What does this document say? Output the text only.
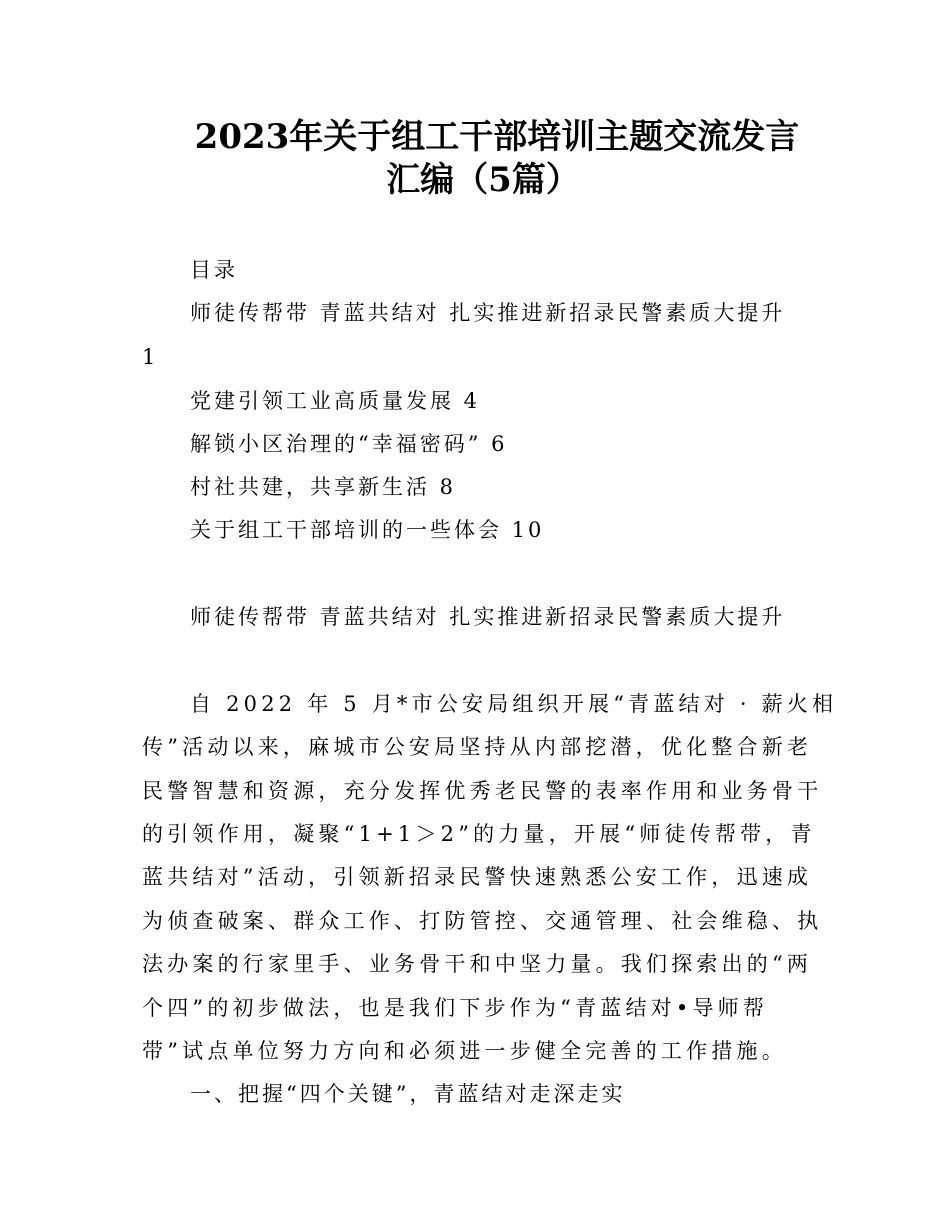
2023年关于组工干部培训主题交流发言
汇编（5篇）
目录
师徒传帮带 青蓝共结对 扎实推进新招录民警素质大提升
1
党建引领工业高质量发展 4
解锁小区治理的“幸福密码” 6
村社共建，共享新生活 8
关于组工干部培训的一些体会 10
师徒传帮带 青蓝共结对 扎实推进新招录民警素质大提升
自 2022 年 5 月*市公安局组织开展“青蓝结对 · 薪火相
传”活动以来，麻城市公安局坚持从内部挖潜，优化整合新老
民警智慧和资源，充分发挥优秀老民警的表率作用和业务骨干
的引领作用，凝聚“1+1＞2”的力量，开展“师徒传帮带，青
蓝共结对”活动，引领新招录民警快速熟悉公安工作，迅速成
为侦查破案、群众工作、打防管控、交通管理、社会维稳、执
法办案的行家里手、业务骨干和中坚力量。我们探索出的“两
个四”的初步做法，也是我们下步作为“青蓝结对•导师帮
带”试点单位努力方向和必须进一步健全完善的工作措施。
一、把握“四个关键”，青蓝结对走深走实
